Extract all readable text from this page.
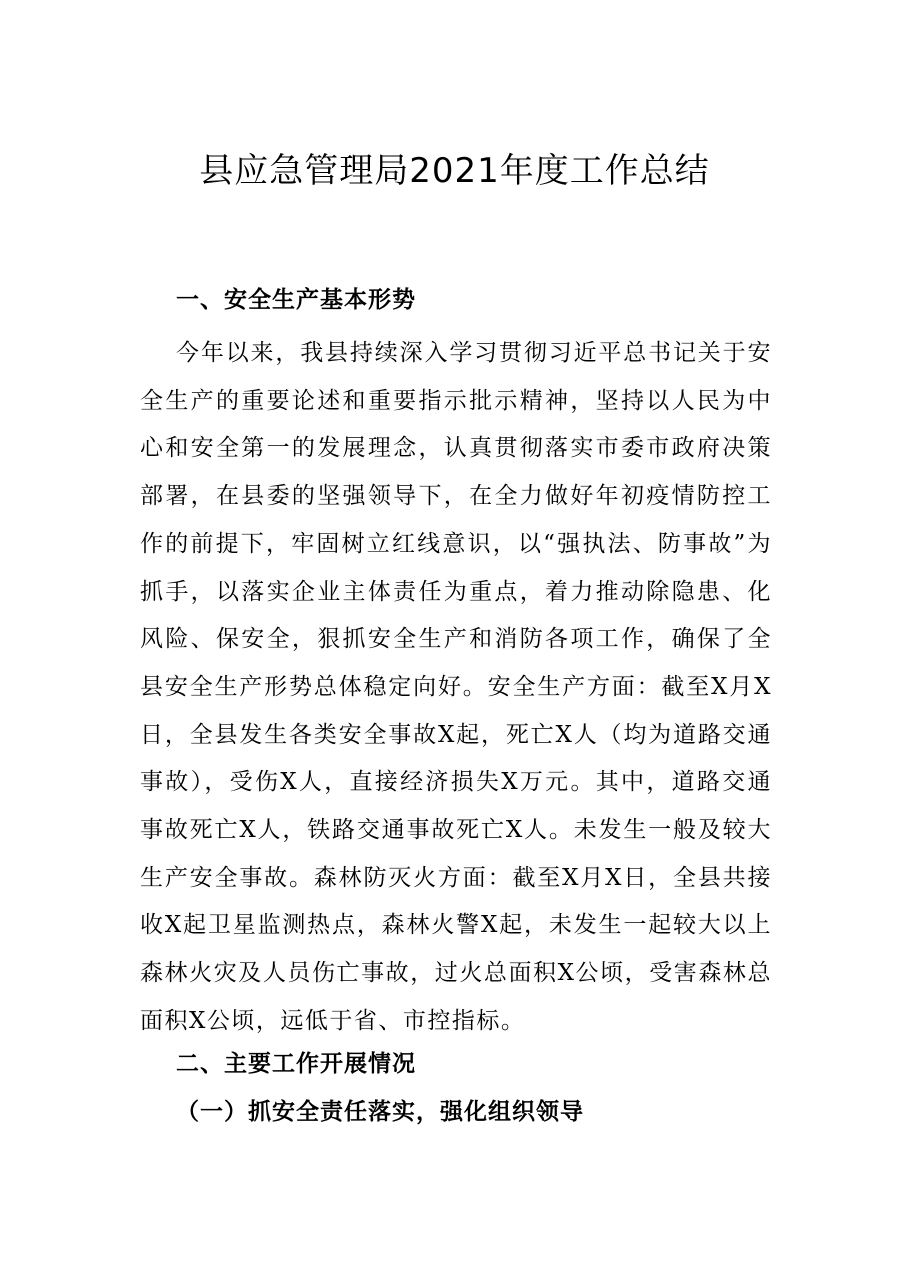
县应急管理局2021年度工作总结
一、安全生产基本形势
今年以来，我县持续深入学习贯彻习近平总书记关于安全生产的重要论述和重要指示批示精神，坚持以人民为中心和安全第一的发展理念，认真贯彻落实市委市政府决策部署，在县委的坚强领导下，在全力做好年初疫情防控工作的前提下，牢固树立红线意识，以“强执法、防事故”为抓手，以落实企业主体责任为重点，着力推动除隐患、化风险、保安全，狠抓安全生产和消防各项工作，确保了全县安全生产形势总体稳定向好。安全生产方面：截至X月X日，全县发生各类安全事故X起，死亡X人（均为道路交通事故），受伤X人，直接经济损失X万元。其中，道路交通事故死亡X人，铁路交通事故死亡X人。未发生一般及较大生产安全事故。森林防灭火方面：截至X月X日，全县共接收X起卫星监测热点，森林火警X起，未发生一起较大以上森林火灾及人员伤亡事故，过火总面积X公顷，受害森林总面积X公顷，远低于省、市控指标。
二、主要工作开展情况
（一）抓安全责任落实，强化组织领导
